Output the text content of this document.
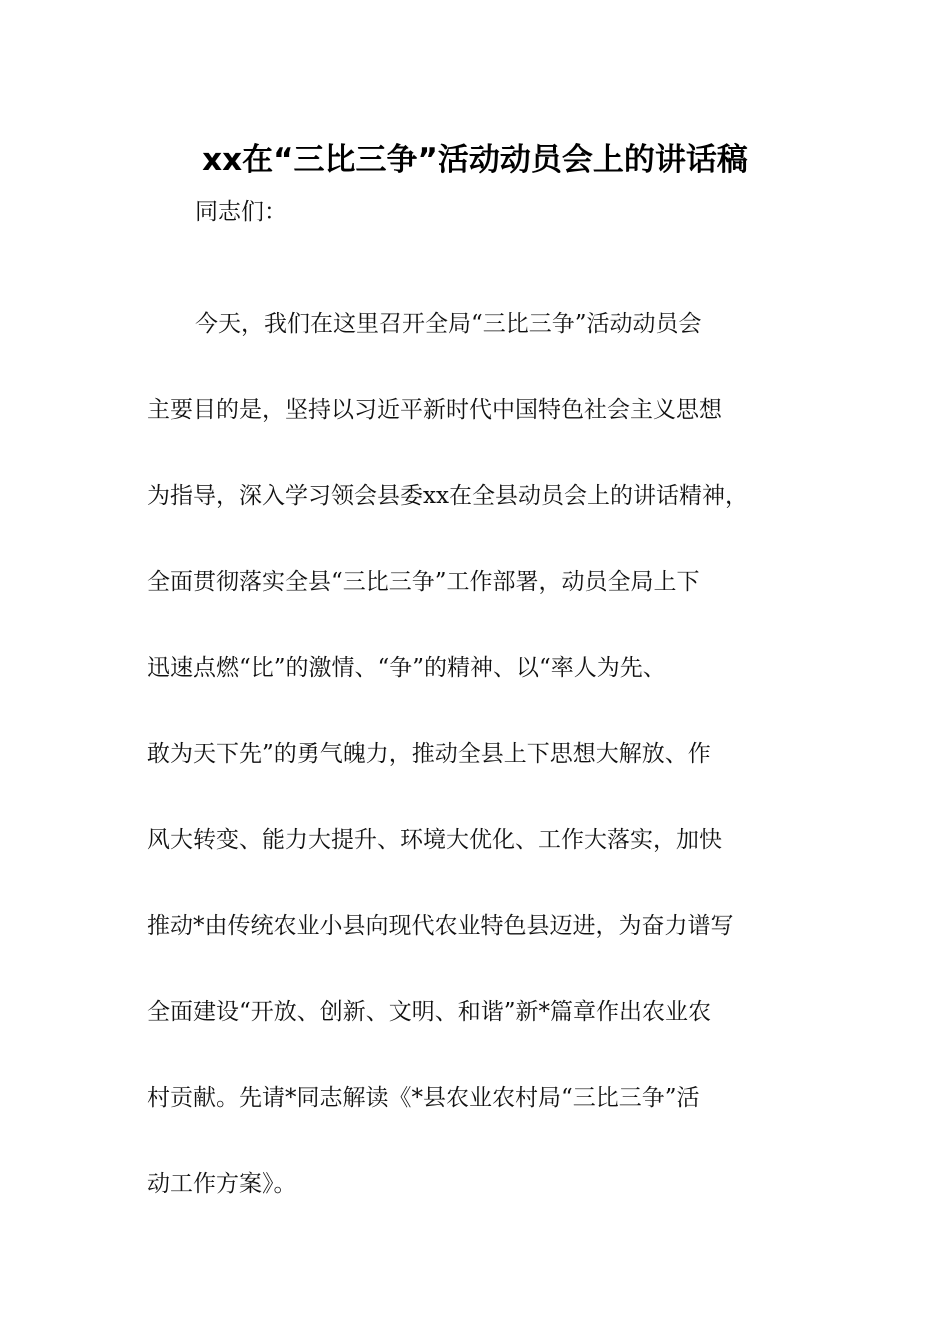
xx在“三比三争”活动动员会上的讲话稿

同志们：

今天，我们在这里召开全局“三比三争”活动动员会
主要目的是，坚持以习近平新时代中国特色社会主义思想
为指导，深入学习领会县委xx在全县动员会上的讲话精神，
全面贯彻落实全县“三比三争”工作部署，动员全局上下
迅速点燃“比”的激情、“争”的精神、以“率人为先、
敢为天下先”的勇气魄力，推动全县上下思想大解放、作
风大转变、能力大提升、环境大优化、工作大落实，加快
推动*由传统农业小县向现代农业特色县迈进，为奋力谱写
全面建设“开放、创新、文明、和谐”新*篇章作出农业农
村贡献。先请*同志解读《*县农业农村局“三比三争”活
动工作方案》。
